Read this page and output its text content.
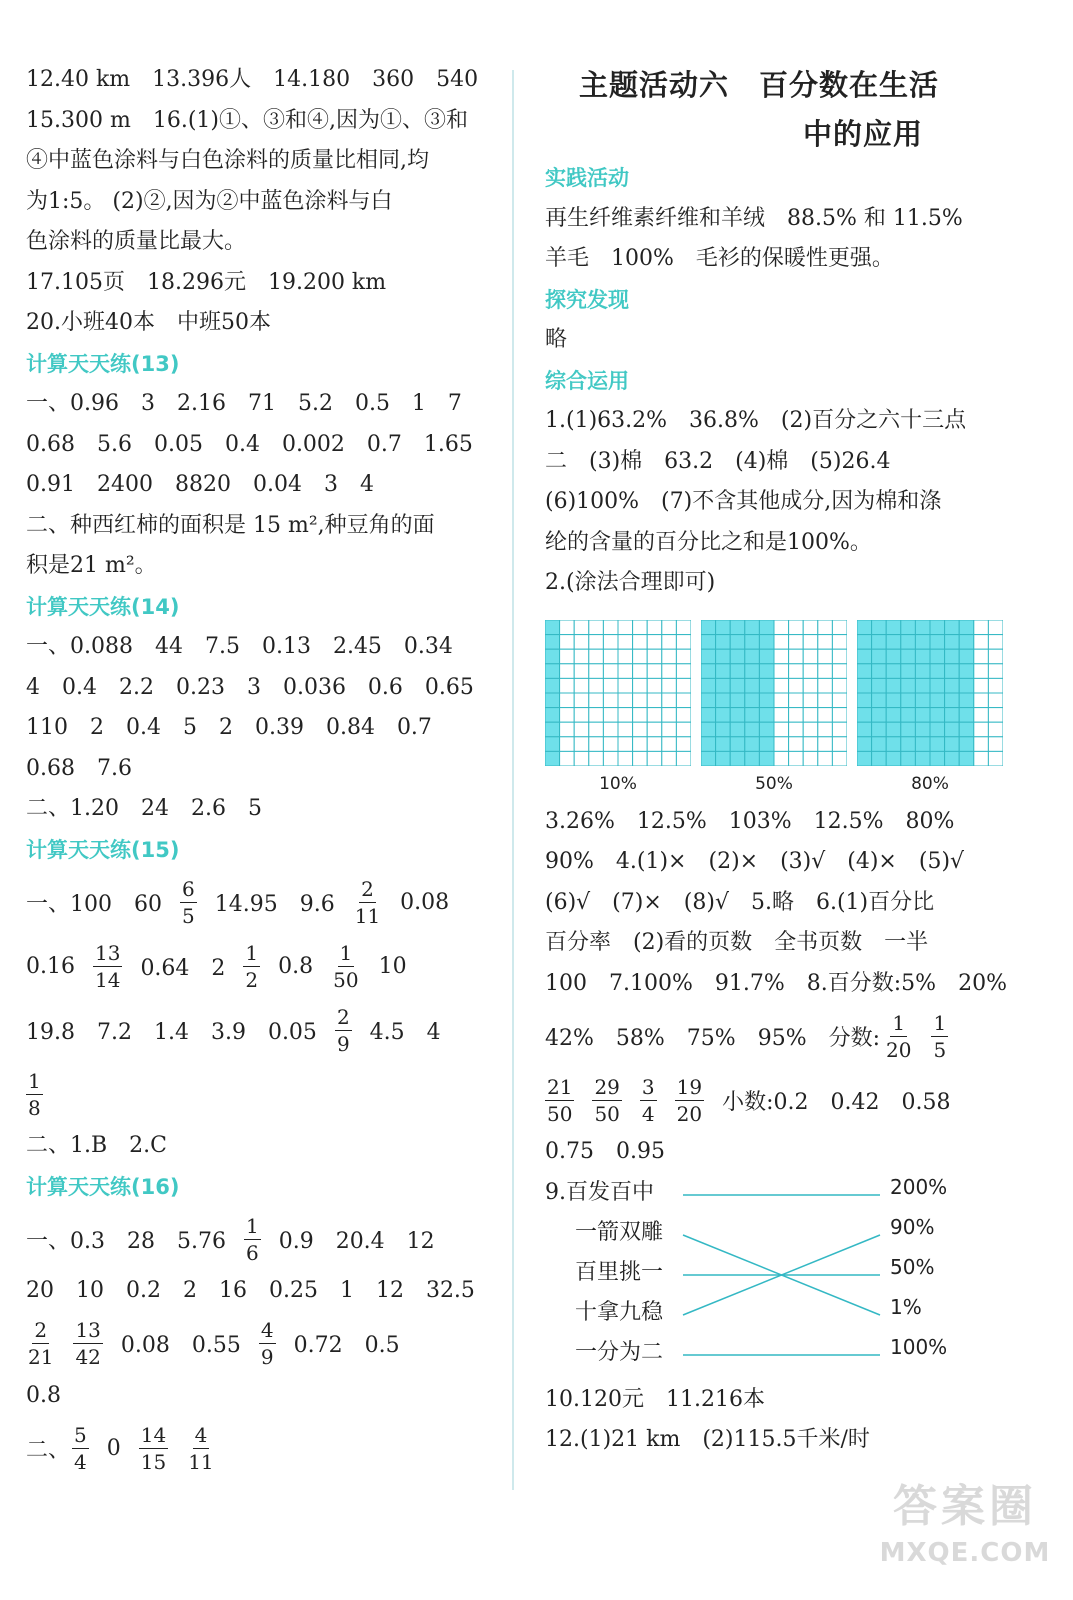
12.40 km　13.396人　14.180　360　540
15.300 m　16.(1)①、③和④,因为①、③和
④中蓝色涂料与白色涂料的质量比相同,均
为1:5。 (2)②,因为②中蓝色涂料与白
色涂料的质量比最大。
17.105页　18.296元　19.200 km
20.小班40本　中班50本
计算天天练(13)
一、0.96　3　2.16　71　5.2　0.5　1　7
0.68　5.6　0.05　0.4　0.002　0.7　1.65
0.91　2400　8820　0.04　3　4
二、种西红柿的面积是 15 m²,种豆角的面
积是21 m²。
计算天天练(14)
一、0.088　44　7.5　0.13　2.45　0.34
4　0.4　2.2　0.23　3　0.036　0.6　0.65
110　2　0.4　5　2　0.39　0.84　0.7
0.68　7.6
二、1.20　24　2.6　5
计算天天练(15)
一、100　$60 \frac{6}{5} 14.95$　$9.6 \frac{2}{11} 0.08$
$0.16 \frac{13}{14} 0.64$　$2 \frac{1}{2} 0.8 \frac{1}{50} 10$
19.8　7.2　1.4　3.9　$0.05 \frac{2}{9} 4.5$　4
$\frac{1}{8}$
二、1.B　2.C
计算天天练(16)
一、0.3　28　$5.76 \frac{1}{6} 0.9$　20.4　12
20　10　0.2　2　16　0.25　1　12　32.5
$\frac{2}{21} \frac{13}{42} 0.08$　$0.55 \frac{4}{9} 0.72$　0.5
0.8
二、 $\frac{5}{4} 0 \frac{14}{15} \frac{4}{11}$
主题活动六　百分数在生活
中的应用
实践活动
再生纤维素纤维和羊绒　88.5% 和 11.5%
羊毛　100%　毛衫的保暖性更强。
探究发现
略
综合运用
1.(1)63.2%　36.8%　(2)百分之六十三点
二　(3)棉　63.2　(4)棉　(5)26.4
(6)100%　(7)不含其他成分,因为棉和涤
纶的含量的百分比之和是100%。
2.(涂法合理即可)
10%	50%	80%
3.26%　12.5%　103%　12.5%　80%
90%　4.(1)×　(2)×　(3)√　(4)×　(5)√
(6)√　(7)×　(8)√　5.略　6.(1)百分比
百分率　(2)看的页数　全书页数　一半
100　7.100%　91.7%　8.百分数:5%　20%
42%　58%　75%　95%　分数: $\frac{1}{20} \frac{1}{5}$
$\frac{21}{50} \frac{29}{50} \frac{3}{4} \frac{19}{20}$ 小数:0.2　0.42　0.58
0.75　0.95
9.百发百中
一箭双雕
百里挑一
十拿九稳
一分为二
200%
90%
50%
1%
100%
10.120元　11.216本
12.(1)21 km　(2)115.5千米/时
答案圈
MXQE.COM
